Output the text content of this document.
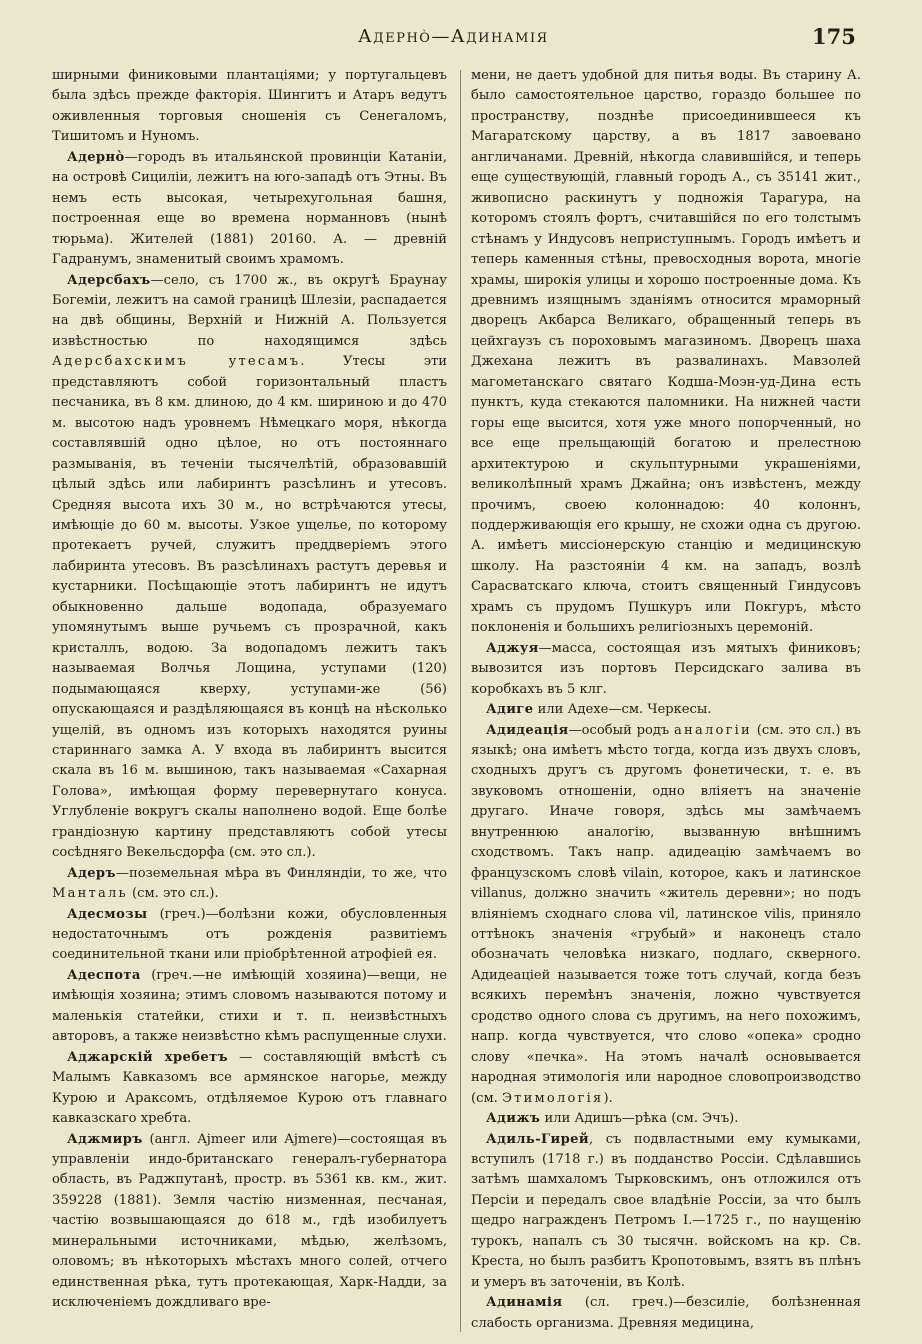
Адернò—Адинамія	175

ширными финиковыми плантаціями; у португальцевъ была здѣсь прежде факторія. Шингитъ и Атаръ ведутъ оживленныя торговыя сношенія съ Сенегаломъ, Тишитомъ и Нуномъ.

Адернò—городъ въ итальянской провинціи Катаніи, на островѣ Сициліи, лежитъ на юго-западѣ отъ Этны. Въ немъ есть высокая, четырехугольная башня, построенная еще во времена норманновъ (нынѣ тюрьма). Жителей (1881) 20160. А. — древній Гадранумъ, знаменитый своимъ храмомъ.

Адерсбахъ—село, съ 1700 ж., въ округѣ Браунау Богеміи, лежитъ на самой границѣ Шлезіи, распадается на двѣ общины, Верхній и Нижній А. Пользуется извѣстностью по находящимся здѣсь Адерсбахскимъ утесамъ. Утесы эти представляютъ собой горизонтальный пластъ песчаника, въ 8 км. длиною, до 4 км. шириною и до 470 м. высотою надъ уровнемъ Нѣмецкаго моря, нѣкогда составлявшій одно цѣлое, но отъ постояннаго размыванія, въ теченіи тысячелѣтій, образовавшій цѣлый здѣсь или лабиринтъ разсѣлинъ и утесовъ. Средняя высота ихъ 30 м., но встрѣчаются утесы, имѣющіе до 60 м. высоты. Узкое ущелье, по которому протекаетъ ручей, служитъ преддверіемъ этого лабиринта утесовъ. Въ разсѣлинахъ растутъ деревья и кустарники. Посѣщающіе этотъ лабиринтъ не идутъ обыкновенно дальше водопада, образуемаго упомянутымъ выше ручьемъ съ прозрачной, какъ кристаллъ, водою. За водопадомъ лежитъ такъ называемая Волчья Лощина, уступами (120) подымающаяся кверху, уступами-же (56) опускающаяся и раздѣляющаяся въ концѣ на нѣсколько ущелій, въ одномъ изъ которыхъ находятся руины стариннаго замка А. У входа въ лабиринтъ высится скала въ 16 м. вышиною, такъ называемая «Сахарная Голова», имѣющая форму перевернутаго конуса. Углубленіе вокругъ скалы наполнено водой. Еще болѣе грандіозную картину представляютъ собой утесы сосѣдняго Векельсдорфа (см. это сл.).

Адеръ—поземельная мѣра въ Финляндіи, то же, что Манталь (см. это сл.).

Адесмозы (греч.)—болѣзни кожи, обусловленныя недостаточнымъ отъ рожденія развитіемъ соединительной ткани или пріобрѣтенной атрофіей ея.

Адеспота (греч.—не имѣющій хозяина)—вещи, не имѣющія хозяина; этимъ словомъ называются потому и маленькія статейки, стихи и т. п. неизвѣстныхъ авторовъ, а также неизвѣстно кѣмъ распущенные слухи.

Аджарскій хребетъ — составляющій вмѣстѣ съ Малымъ Кавказомъ все армянское нагорье, между Курою и Араксомъ, отдѣляемое Курою отъ главнаго кавказскаго хребта.

Аджмиръ (англ. Ajmeer или Ajmere)—состоящая въ управленіи индо-британскаго генералъ-губернатора область, въ Раджпутанѣ, простр. въ 5361 кв. км., жит. 359228 (1881). Земля частію низменная, песчаная, частію возвышающаяся до 618 м., гдѣ изобилуетъ минеральными источниками, мѣдью, желѣзомъ, оловомъ; въ нѣкоторыхъ мѣстахъ много солей, отчего единственная рѣка, тутъ протекающая, Харк-Надди, за исключеніемъ дождливаго вре-

мени, не даетъ удобной для питья воды. Въ старину А. было самостоятельное царство, гораздо большее по пространству, позднѣе присоединившееся къ Магаратскому царству, а въ 1817 завоевано англичанами. Древній, нѣкогда славившійся, и теперь еще существующій, главный городъ А., съ 35141 жит., живописно раскинутъ у подножія Тарагура, на которомъ стоялъ фортъ, считавшійся по его толстымъ стѣнамъ у Индусовъ неприступнымъ. Городъ имѣетъ и теперь каменныя стѣны, превосходныя ворота, многіе храмы, широкія улицы и хорошо построенные дома. Къ древнимъ изящнымъ зданіямъ относится мраморный дворецъ Акбарса Великаго, обращенный теперь въ цейхгаузъ съ пороховымъ магазиномъ. Дворецъ шаха Джехана лежитъ въ развалинахъ. Мавзолей магометанскаго святаго Кодша-Моэн-уд-Дина есть пунктъ, куда стекаются паломники. На нижней части горы еще высится, хотя уже много попорченный, но все еще прельщающій богатою и прелестною архитектурою и скульптурными украшеніями, великолѣпный храмъ Джайна; онъ извѣстенъ, между прочимъ, своею колоннадою: 40 колоннъ, поддерживающія его крышу, не схожи одна съ другою. А. имѣетъ миссіонерскую станцію и медицинскую школу. На разстояніи 4 км. на западъ, возлѣ Сарасватскаго ключа, стоитъ священный Гиндусовъ храмъ съ прудомъ Пушкуръ или Покгуръ, мѣсто поклоненія и большихъ религіозныхъ церемоній.

Аджуя—масса, состоящая изъ мятыхъ финиковъ; вывозится изъ портовъ Персидскаго залива въ коробкахъ въ 5 клг.

Адиге или Адехе—см. Черкесы.

Адидеація—особый родъ аналогіи (см. это сл.) въ языкѣ; она имѣетъ мѣсто тогда, когда изъ двухъ словъ, сходныхъ другъ съ другомъ фонетически, т. е. въ звуковомъ отношеніи, одно вліяетъ на значеніе другаго. Иначе говоря, здѣсь мы замѣчаемъ внутреннюю аналогію, вызванную внѣшнимъ сходствомъ. Такъ напр. адидеацію замѣчаемъ во французскомъ словѣ vilain, которое, какъ и латинское villanus, должно значить «житель деревни»; но подъ вліяніемъ сходнаго слова vil, латинское vilis, приняло оттѣнокъ значенія «грубый» и наконецъ стало обозначать человѣка низкаго, подлаго, скверного. Адидеаціей называется тоже тотъ случай, когда безъ всякихъ перемѣнъ значенія, ложно чувствуется сродство одного слова съ другимъ, на него похожимъ, напр. когда чувствуется, что слово «опека» сродно слову «печка». На этомъ началѣ основывается народная этимологія или народное словопроизводство (см. Этимологія).

Адижъ или Адишъ—рѣка (см. Эчъ).

Адиль-Гирей, съ подвластными ему кумыками, вступилъ (1718 г.) въ подданство Россіи. Сдѣлавшись затѣмъ шамхаломъ Тырковскимъ, онъ отложился отъ Персіи и передалъ свое владѣніе Россіи, за что былъ щедро награжденъ Петромъ I.—1725 г., по наущенію турокъ, напалъ съ 30 тысячн. войскомъ на кр. Св. Креста, но былъ разбитъ Кропотовымъ, взятъ въ плѣнъ и умеръ въ заточеніи, въ Колѣ.

Адинамія (сл. греч.)—безсиліе, болѣзненная слабость организма. Древняя медицина,
